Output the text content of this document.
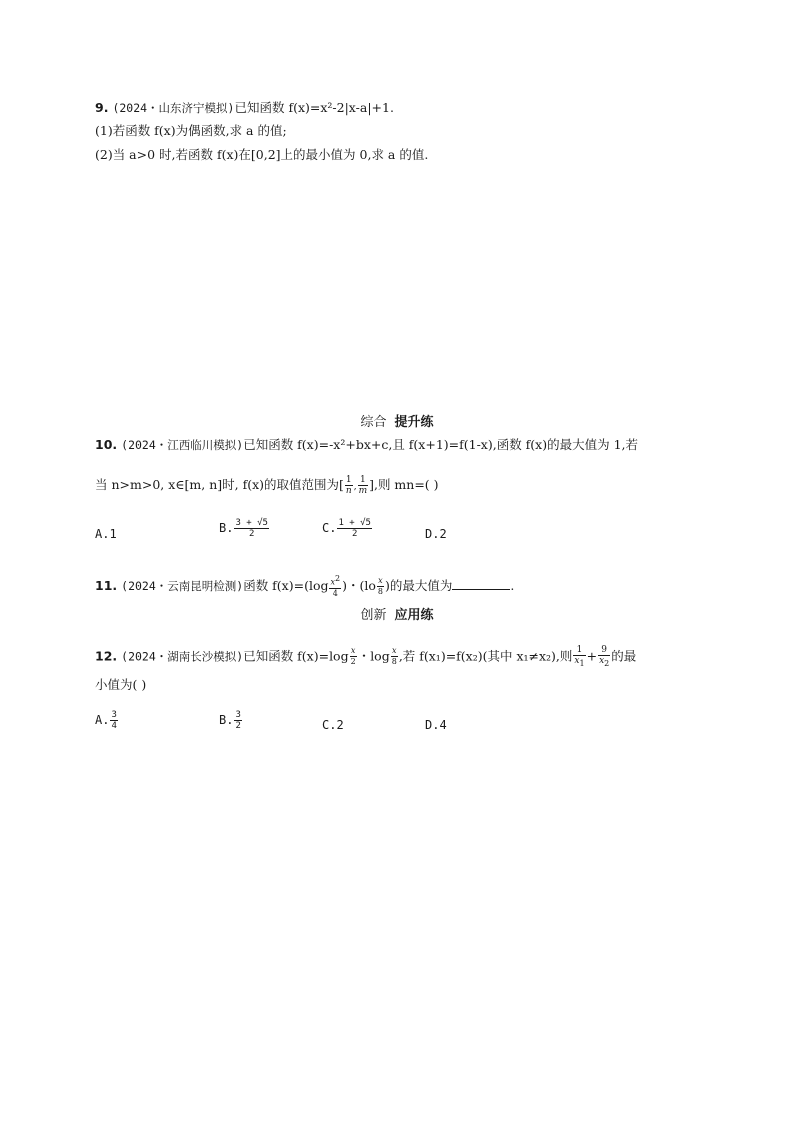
9. (2024・山东济宁模拟)已知函数 f(x)=x²-2|x-a|+1.
(1)若函数 f(x)为偶函数,求 a 的值;
(2)当 a>0 时,若函数 f(x)在[0,2]上的最小值为 0,求 a 的值.
综合 提升练
10. (2024・江西临川模拟)已知函数 f(x)=-x²+bx+c,且 f(x+1)=f(1-x),函数 f(x)的最大值为 1,若
当 n>m>0, x∈[m, n]时, f(x)的取值范围为[ $\frac{1}{n}$ , $\frac{1}{m}$ ],则 mn=( )
A.1	B. $\frac{3 + √5}{2}$	C. $\frac{1 + √5}{2}$	D.2
11. (2024・云南昆明检测)函数 $f(x)=(\log \frac{x^2}{4}$ )・($lo \frac{x}{8}$ )的最大值为	.
创新 应用练
12. (2024・湖南长沙模拟)已知函数 $f(x)=\log \frac{x}{2}$ ・$\log \frac{x}{8}$ ,若 f(x₁)=f(x₂)(其中 x₁≠x₂),则 $\frac{1}{x_1} + \frac{9}{x_2}$ 的最
小值为( )
A. $\frac{3}{4}$	B. $\frac{3}{2}$	C.2	D.4
